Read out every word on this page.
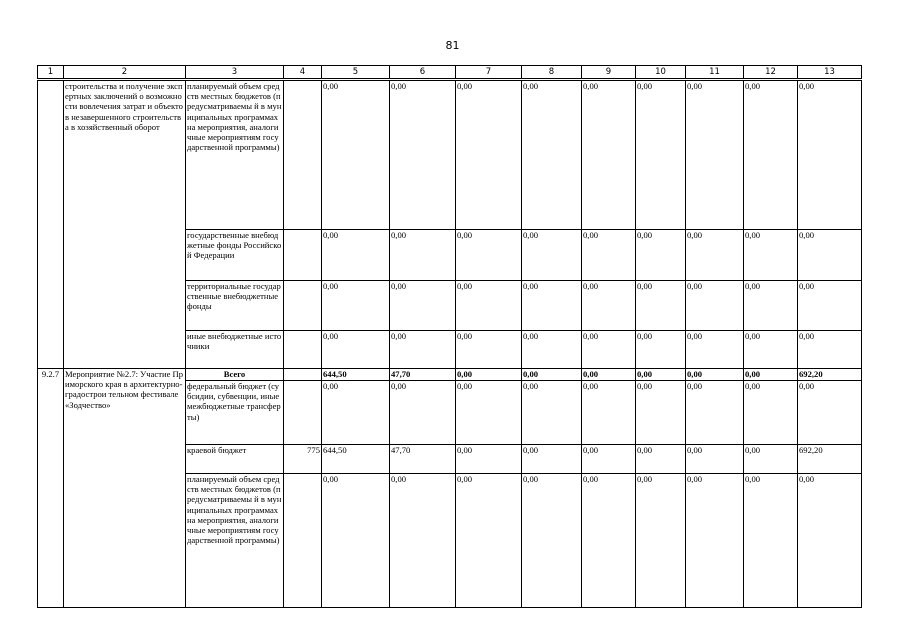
81
1	2	3	4	5	6	7	8	9	10	11	12	13
	строительства и получение экспертных заключений о возможности вовлечения затрат и объектов незавершенного строительства в хозяйственный оборот	планируемый объем средств местных бюджетов (предусматриваемы й в муниципальных программах на мероприятия, аналогичные мероприятиям государственной программы)		0,00	0,00	0,00	0,00	0,00	0,00	0,00	0,00	0,00
		государственные внебюджетные фонды Российской Федерации		0,00	0,00	0,00	0,00	0,00	0,00	0,00	0,00	0,00
		территориальные государственные внебюджетные фонды		0,00	0,00	0,00	0,00	0,00	0,00	0,00	0,00	0,00
		иные внебюджетные источники		0,00	0,00	0,00	0,00	0,00	0,00	0,00	0,00	0,00
9.2.7	Мероприятие №2.7: Участие Приморского края в архитектурно-градострои тельном фестивале «Зодчество»	Всего		644,50	47,70	0,00	0,00	0,00	0,00	0,00	0,00	692,20
		федеральный бюджет (субсидии, субвенции, иные межбюджетные трансферты)		0,00	0,00	0,00	0,00	0,00	0,00	0,00	0,00	0,00
		краевой бюджет	775	644,50	47,70	0,00	0,00	0,00	0,00	0,00	0,00	692,20
		планируемый объем средств местных бюджетов (предусматриваемы й в муниципальных программах на мероприятия, аналогичные мероприятиям государственной программы)		0,00	0,00	0,00	0,00	0,00	0,00	0,00	0,00	0,00
